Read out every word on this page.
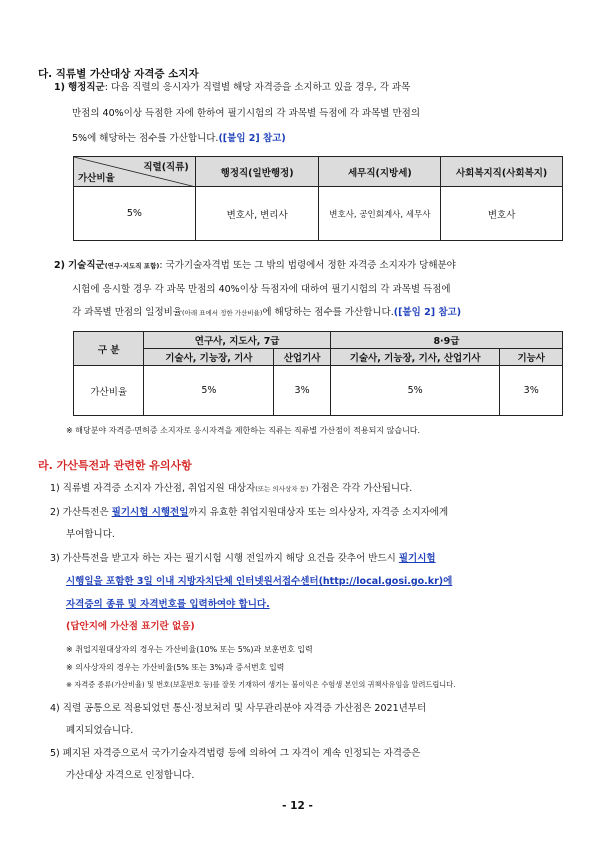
다. 직류별 가산대상 자격증 소지자
1) 행정직군: 다음 직렬의 응시자가 직렬별 해당 자격증을 소지하고 있을 경우, 각 과목
만점의 40%이상 득점한 자에 한하여 필기시험의 각 과목별 득점에 각 과목별 만점의
5%에 해당하는 점수를 가산합니다.([붙임 2] 참고)
직렬(직류)
가산비율	행정직(일반행정)	세무직(지방세)	사회복지직(사회복지)
5%	변호사, 변리사	변호사, 공인회계사, 세무사	변호사
2) 기술직군(연구·지도직 포함): 국가기술자격법 또는 그 밖의 법령에서 정한 자격증 소지자가 당해분야
시험에 응시할 경우 각 과목 만점의 40%이상 득점자에 대하여 필기시험의 각 과목별 득점에
각 과목별 만점의 일정비율(아래 표에서 정한 가산비율)에 해당하는 점수를 가산합니다.([붙임 2] 참고)
구 분	연구사, 지도사, 7급		8·9급	
	기술사, 기능장, 기사	산업기사	기술사, 기능장, 기사, 산업기사	기능사
가산비율	5%	3%	5%	3%
※ 해당분야 자격증·면허증 소지자로 응시자격을 제한하는 직류는 직류별 가산점이 적용되지 않습니다.
라. 가산특전과 관련한 유의사항
1) 직류별 자격증 소지자 가산점, 취업지원 대상자(또는 의사상자 등) 가점은 각각 가산됩니다.
2) 가산특전은 필기시험 시행전일까지 유효한 취업지원대상자 또는 의사상자, 자격증 소지자에게
부여합니다.
3) 가산특전을 받고자 하는 자는 필기시험 시행 전일까지 해당 요건을 갖추어 반드시 필기시험
시행일을 포함한 3일 이내 지방자치단체 인터넷원서접수센터(http://local.gosi.go.kr)에
자격증의 종류 및 자격번호를 입력하여야 합니다.
(답안지에 가산점 표기란 없음)
※ 취업지원대상자의 경우는 가산비율(10% 또는 5%)과 보훈번호 입력
※ 의사상자의 경우는 가산비율(5% 또는 3%)과 증서번호 입력
※ 자격증 종류(가산비율) 및 번호(보훈번호 등)를 잘못 기재하여 생기는 불이익은 수험생 본인의 귀책사유임을 알려드립니다.
4) 직렬 공통으로 적용되었던 통신·정보처리 및 사무관리분야 자격증 가산점은 2021년부터
폐지되었습니다.
5) 폐지된 자격증으로서 국가기술자격법령 등에 의하여 그 자격이 계속 인정되는 자격증은
가산대상 자격으로 인정합니다.
- 12 -
